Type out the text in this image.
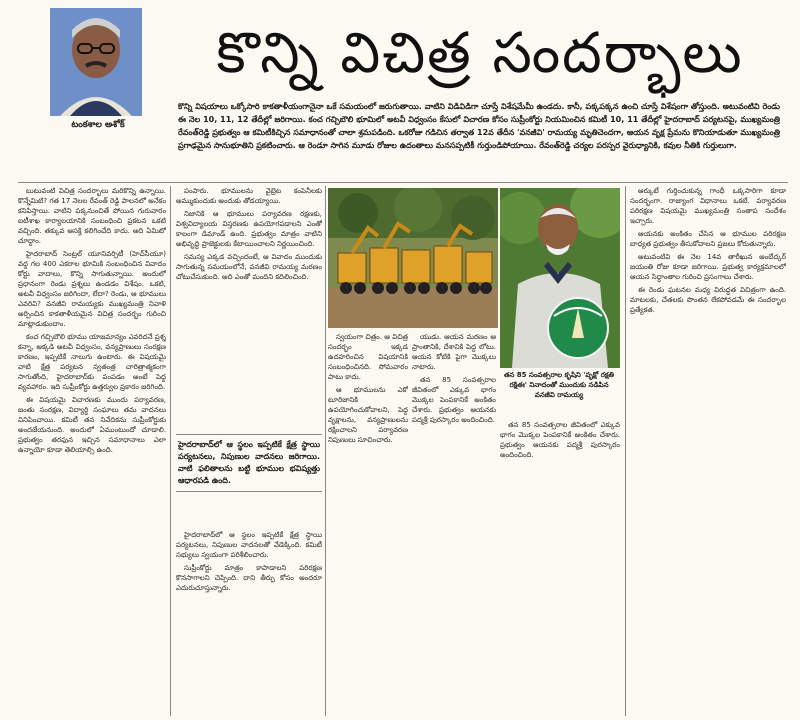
టంకశాల అశోక్
కొన్ని విచిత్ర సందర్భాలు
కొన్ని విషయాలు ఒక్కోసారి కాకతాళీయంగానైనా ఒకే సమయంలో జరుగుతాయి. వాటిని విడివిడిగా చూస్తే విశేషమేమీ ఉండదు. కానీ, పక్కపక్కన ఉంచి చూస్తే విశేషంగా తోస్తుంది. అటువంటివి రెండు ఈ నెల 10, 11, 12 తేదీల్లో జరిగాయి. కంచ గచ్చిబౌలి భూమిలో అటవీ విధ్వంసం కేసులో విచారణ కోసం సుప్రీంకోర్టు నియమించిన కమిటీ 10, 11 తేదీల్లో హైదరాబాద్ పర్యటనపై, ముఖ్యమంత్రి రేవంత్‌రెడ్డి ప్రభుత్వం ఆ కమిటీకిచ్చిన సమాధానంతో చాలా శ్రమపడింది. ఒకరోజు గడిచిన తర్వాత 12వ తేదీన 'వనజీవి' రామయ్య మృతిచెందగా, ఆయన వృక్ష ప్రేమను కొనియాడుతూ ముఖ్యమంత్రి ప్రగాఢమైన సానుభూతిని ప్రకటించారు. ఆ రెండూ సాగిన మూడు రోజుల ఉదంతాలు మనసప్పటికీ గుర్తుండిపోయాయి. రేవంత్‌రెడ్డి చర్యల పరస్పర వైరుధ్యానికి, కవుల నీతికి గుర్తులుగా.

బుటువంటి విచిత్ర సందర్భాలు మరికొన్ని ఉన్నాయి. కొన్నేమిటి? గత 17 నెలల రేవంత్ రెడ్డి పాలనలో అనేకం కనిపిస్తాయి. వాటిని పక్కనుంచితే పోయిన గురువారం ఐటీశాఖ కార్యాలయానికి సంబంధించి ప్రకటన ఒకటి వచ్చింది. తక్కువ ఆసక్తి కలిగించేది కాదు. అది ఏమిటో చూద్దాం.

హైదరాబాద్ సెంట్రల్ యూనివర్సిటీ (హెచ్‌సీయూ) వద్ద గల 400 ఎకరాల భూమికి సంబంధించిన వివాదం కోర్టు వాదాలు, కొన్ని సాగుతున్నాయి. అందులో ప్రధానంగా రెండు ప్రశ్నలు ఉండడం విశేషం. ఒకటి, అటవీ విధ్వంసం జరిగిందా, లేదా? రెండు, ఆ భూములు ఎవరివి? వనజీవి రామయ్యకు ముఖ్యమంత్రి నివాళి అర్పించిన కాకతాళీయమైన విచిత్ర సందర్భం గురించి మాట్లాడుకుందాం.

కంచ గచ్చిబౌలి భూము యాజమాన్యం ఎవరిదనే ప్రశ్న కన్నా, అక్కడి అటవీ విధ్వంసం, వన్యప్రాణులు సంరక్షణ కారణం, ఇప్పటికే నాలుగు ఉంటారు. ఈ విషయమై వాటి క్షేత్ర పర్యటన స్వతంత్ర చారిత్రాత్మకంగా సాగుతోంది, హైదరాబాద్‌కు పంపడం అంటే పెద్ద వ్యవహారం. ఇది సుప్రీంకోర్టు ఉత్తర్వుల ప్రకారం జరిగింది.

ఈ విషయమై విచారణకు ముందు పర్యావరణ, జంతు సంరక్షణ, విద్యార్థి సంఘాలు తమ వాదనలు వినిపించాయి. కమిటీ తన నివేదికను సుప్రీంకోర్టుకు అందజేయనుంది. అందులో ఏముంటుందో చూడాలి. ప్రభుత్వం తరఫున ఇచ్చిన సమాధానాలు ఎలా ఉన్నాయో కూడా తెలియాల్సి ఉంది.

పంపారు. భూములను వైబ్రెట కంపెనీలకు అమ్ముకుందుకు అందుకు తోడయ్యాయి.

నిజానికి ఆ భూములు పర్యావరణ రక్షణకు, విశ్వవిద్యాలయ విస్తరణకు ఉపయోగపడాలని ఎంతో కాలంగా డిమాండ్ ఉంది. ప్రభుత్వం మాత్రం వాటిని అభివృద్ధి ప్రాజెక్టులకు కేటాయించాలని నిర్ణయించింది.

సమస్య ఎక్కడ వచ్చిందంటే, ఆ వివాదం ముందుకు సాగుతున్న సమయంలోనే, వనజీవి రామయ్య మరణం చోటుచేసుకుంది. అది ఎంతో మందిని కదిలించింది.

హైదరాబాద్‌లో ఆ స్థలం ఇప్పటికే క్షేత్ర స్థాయి పర్యటనలు, నిపుణుల వాదనలు జరిగాయి. వాటి ఫలితాలను బట్టి భూముల భవిష్యత్తు ఆధారపడి ఉంది.

హైదరాబాద్‌లో ఆ స్థలం ఇప్పటికే క్షేత్ర స్థాయి పర్యటనలు, నిపుణుల వాదనలతో వేడెక్కింది. కమిటీ సభ్యులు స్వయంగా పరిశీలించారు.

సుప్రీంకోర్టు మాత్రం కాపాడాలని పరిరక్షణ కొనసాగాలని చెప్పింది. దాని తీర్పు కోసం అందరూ ఎదురుచూస్తున్నారు.

తన 85 సంవత్సరాల కృషిని 'వృక్షో రక్షతి రక్షితః' నినాదంతో ముందుకు నడిపిన వనజీవి రామయ్య

స్వయంగా చిత్రం. ఆ విచిత్ర సందర్భం ఇక్కడ ఉదహరించిన విషయానికి సంబంధించినది. సోమవారం పాటు కాదు.

ఆ భూములను ఎకో టూరిజానికి ఉపయోగించుకోవాలని, పెద్ద వృక్షాలను, వన్యప్రాణులను రక్షించాలని పర్యావరణ నిపుణులు సూచించారు.

యుడు. ఆయన మరణం ఆ ప్రాంతానికి, దేశానికి పెద్ద లోటు. ఆయన కోటికి పైగా మొక్కలు నాటారు.

తన 85 సంవత్సరాల జీవితంలో ఎక్కువ భాగం మొక్కల పెంపకానికే అంకితం చేశారు. ప్రభుత్వం ఆయనకు పద్మశ్రీ పురస్కారం అందించింది.

తన 85 సంవత్సరాల జీవితంలో ఎక్కువ భాగం మొక్కల పెంపకానికే అంకితం చేశారు. ప్రభుత్వం ఆయనకు పద్మశ్రీ పురస్కారం అందించింది.

ఆర్కుటే గుర్తించుకున్న గాంధీ ఒక్కసారిగా కూడా సందర్భంగా. రాజ్యాంగ విధానాలు ఒకటే. పర్యావరణ పరిరక్షణ విషయమై ముఖ్యమంత్రి సంతాప సందేశం ఇచ్చారు.

ఆయనకు అంకితం చేసిన ఆ భూముల పరిరక్షణ బాధ్యత ప్రభుత్వం తీసుకోవాలని ప్రజలు కోరుతున్నారు.

అటువంటివి ఈ నెల 14వ తారీఖున అంబేద్కర్ జయంతి రోజు కూడా జరిగాయి. ప్రభుత్వ కార్యక్రమాలలో ఆయన సిద్ధాంతాల గురించి ప్రసంగాలు చేశారు.

ఈ రెండు ఘటనల మధ్య విరుద్ధత విచిత్రంగా ఉంది. మాటలకు, చేతలకు పొంతన లేకపోవడమే ఈ సందర్భాల ప్రత్యేకత.
